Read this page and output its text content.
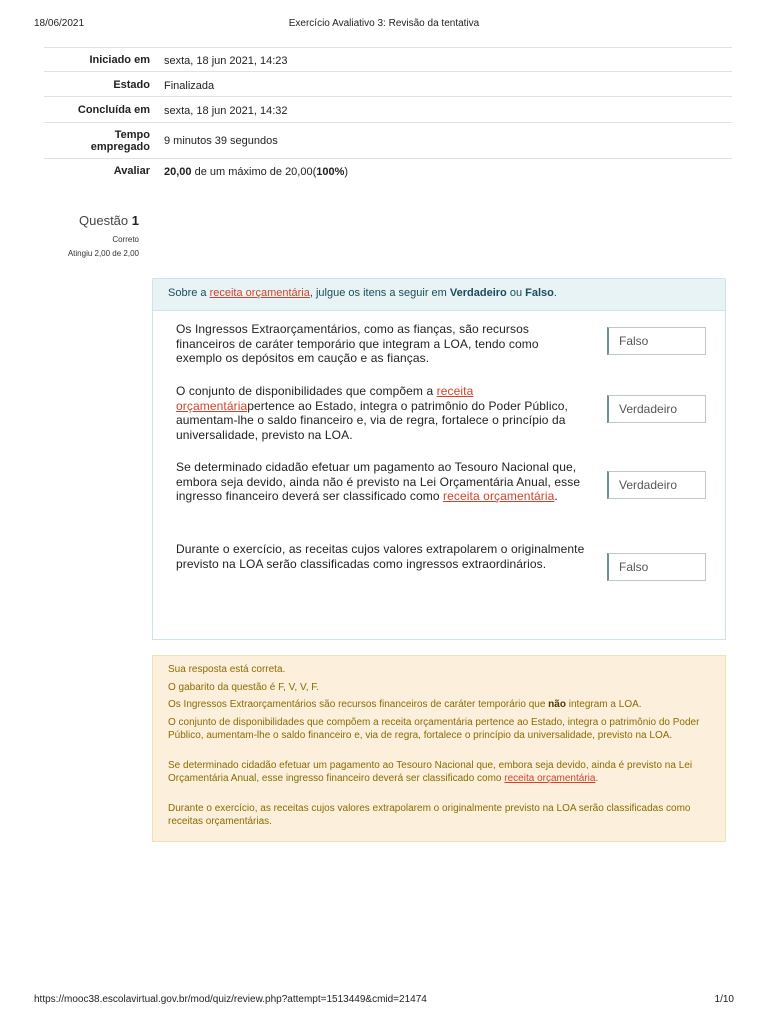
18/06/2021	Exercício Avaliativo 3: Revisão da tentativa
Iniciado em sexta, 18 jun 2021, 14:23
Estado Finalizada
Concluída em sexta, 18 jun 2021, 14:32
Tempo
empregado 9 minutos 39 segundos
Avaliar 20,00 de um máximo de 20,00(100%)
Questão 1
Correto
Atingiu 2,00 de 2,00
Sobre a receita orçamentária, julgue os itens a seguir em Verdadeiro ou Falso.
Os Ingressos Extraorçamentários, como as fianças, são recursos financeiros de caráter temporário que integram a LOA, tendo como exemplo os depósitos em caução e as fianças.
Falso
O conjunto de disponibilidades que compõem a receita orçamentáriapertence ao Estado, integra o patrimônio do Poder Público, aumentam-lhe o saldo financeiro e, via de regra, fortalece o princípio da universalidade, previsto na LOA.
Verdadeiro
Se determinado cidadão efetuar um pagamento ao Tesouro Nacional que, embora seja devido, ainda não é previsto na Lei Orçamentária Anual, esse ingresso financeiro deverá ser classificado como receita orçamentária.
Verdadeiro
Durante o exercício, as receitas cujos valores extrapolarem o originalmente previsto na LOA serão classificadas como ingressos extraordinários.	Falso
Sua resposta está correta.
O gabarito da questão é F, V, V, F.
Os Ingressos Extraorçamentários são recursos financeiros de caráter temporário que não integram a LOA.
O conjunto de disponibilidades que compõem a receita orçamentária pertence ao Estado, integra o patrimônio do Poder Público, aumentam-lhe o saldo financeiro e, via de regra, fortalece o princípio da universalidade, previsto na LOA.
Se determinado cidadão efetuar um pagamento ao Tesouro Nacional que, embora seja devido, ainda é previsto na Lei Orçamentária Anual, esse ingresso financeiro deverá ser classificado como receita orçamentária.
Durante o exercício, as receitas cujos valores extrapolarem o originalmente previsto na LOA serão classificadas como receitas orçamentárias.
https://mooc38.escolavirtual.gov.br/mod/quiz/review.php?attempt=1513449&cmid=21474	1/10
